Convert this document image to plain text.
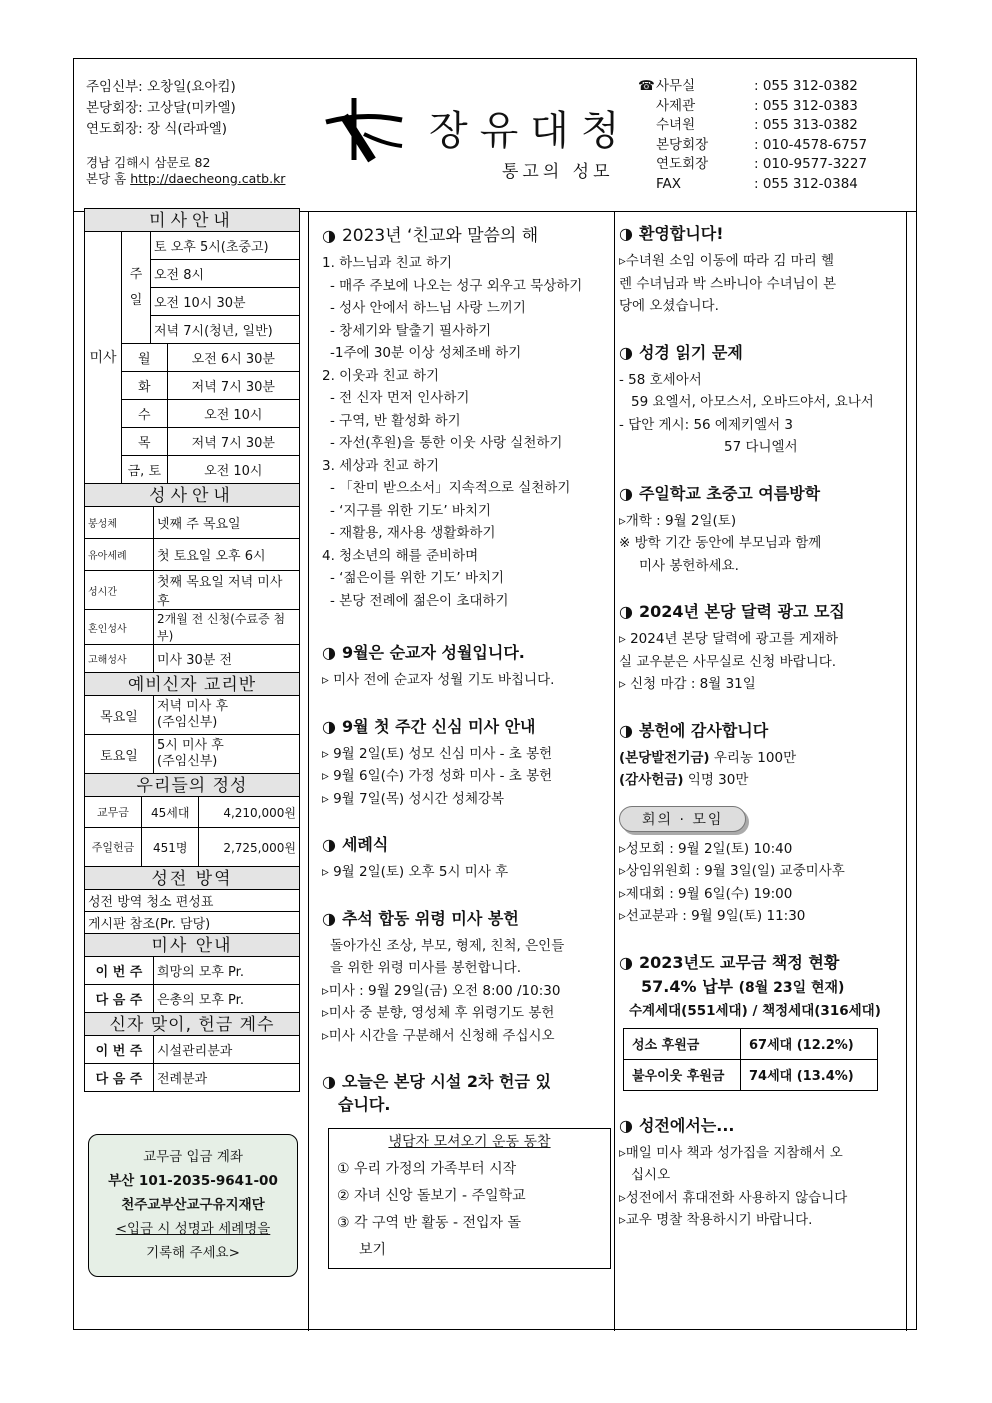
주임신부: 오창일(요아킴)
본당회장: 고상달(미카엘)
연도회장: 장 식(라파엘)
경남 김해시 삼문로 82
본당 홈 http://daecheong.catb.kr
장유대청
통고의 성모
☎ 사무실	: 055 312-0382
사제관	: 055 312-0383
수녀원	: 055 313-0382
본당회장	: 010-4578-6757
연도회장	: 010-9577-3227
FAX	: 055 312-0384
미사안내
미사	주일	토 오후 5시(초중고)	
		오전 8시	
		오전 10시 30분	
		저녁 7시(청년, 일반)	
	월		오전 6시 30분
	화		저녁 7시 30분
	수		오전 10시
	목		저녁 7시 30분
	금, 토		오전 10시
성사안내
봉성체	넷째 주 목요일
유아세례	첫 토요일 오후 6시
성시간	첫째 목요일 저녁 미사 후
혼인성사	2개월 전 신청(수료증 첨부)
고해성사	미사 30분 전
예비신자 교리반
목요일	저녁 미사 후
(주임신부)

토요일	5시 미사 후
(주임신부)
우리들의 정성
교무금	45세대	4,210,000원
주일헌금	451명	2,725,000원
성전 방역
성전 방역 청소 편성표
게시판 참조(Pr. 담당)
미사 안내
이 번 주	희망의 모후 Pr.
다 음 주	은총의 모후 Pr.
신자 맞이, 헌금 계수
이 번 주	시설관리분과
다 음 주	전례분과
교무금 입금 계좌
부산 101-2035-9641-00
천주교부산교구유지재단
<입금 시 성명과 세례명을
기록해 주세요>
◑ 2023년 ‘친교와 말씀의 해
1. 하느님과 친교 하기
- 매주 주보에 나오는 성구 외우고 묵상하기
- 성사 안에서 하느님 사랑 느끼기
- 창세기와 탈출기 필사하기
-1주에 30분 이상 성체조배 하기
2. 이웃과 친교 하기
- 전 신자 먼저 인사하기
- 구역, 반 활성화 하기
- 자선(후원)을 통한 이웃 사랑 실천하기
3. 세상과 친교 하기
- 「찬미 받으소서」지속적으로 실천하기
- ‘지구를 위한 기도’ 바치기
- 재활용, 재사용 생활화하기
4. 청소년의 해를 준비하며
- ‘젊은이를 위한 기도’ 바치기
- 본당 전례에 젊은이 초대하기
◑ 9월은 순교자 성월입니다.
▹ 미사 전에 순교자 성월 기도 바칩니다.
◑ 9월 첫 주간 신심 미사 안내
▹ 9월 2일(토) 성모 신심 미사 - 초 봉헌
▹ 9월 6일(수) 가정 성화 미사 - 초 봉헌
▹ 9월 7일(목) 성시간 성체강복
◑ 세례식
▹ 9월 2일(토) 오후 5시 미사 후
◑ 추석 합동 위령 미사 봉헌
돌아가신 조상, 부모, 형제, 친척, 은인들
을 위한 위령 미사를 봉헌합니다.
▹미사 : 9월 29일(금) 오전 8:00 /10:30
▹미사 중 분향, 영성체 후 위령기도 봉헌
▹미사 시간을 구분해서 신청해 주십시오
◑ 오늘은 본당 시설 2차 헌금 있
습니다.
냉담자 모셔오기 운동 동참
① 우리 가정의 가족부터 시작
② 자녀 신앙 돌보기 - 주일학교
③ 각 구역 반 활동 - 전입자 돌
보기
◑ 환영합니다!
▹수녀원 소임 이동에 따라 김 마리 헬
렌 수녀님과 박 스바니아 수녀님이 본
당에 오셨습니다.
◑ 성경 읽기 문제
- 58 호세아서
59 요엘서, 아모스서, 오바드야서, 요나서
- 답안 게시: 56 에제키엘서 3
57 다니엘서
◑ 주일학교 초중고 여름방학
▹개학 : 9월 2일(토)
※ 방학 기간 동안에 부모님과 함께
미사 봉헌하세요.
◑ 2024년 본당 달력 광고 모집
▹ 2024년 본당 달력에 광고를 게재하
실 교우분은 사무실로 신청 바랍니다.
▹ 신청 마감 : 8월 31일
◑ 봉헌에 감사합니다
(본당발전기금) 우리농 100만
(감사헌금) 익명 30만
회의 · 모임
▹성모회 : 9월 2일(토) 10:40
▹상임위원회 : 9월 3일(일) 교중미사후
▹제대회 : 9월 6일(수) 19:00
▹선교분과 : 9월 9일(토) 11:30
◑ 2023년도 교무금 책정 현황
57.4% 납부 (8월 23일 현재)
수계세대(551세대) / 책정세대(316세대)
성소 후원금	67세대 (12.2%)
불우이웃 후원금	74세대 (13.4%)
◑ 성전에서는...
▹매일 미사 책과 성가집을 지참해서 오
십시오
▹성전에서 휴대전화 사용하지 않습니다
▹교우 명찰 착용하시기 바랍니다.
